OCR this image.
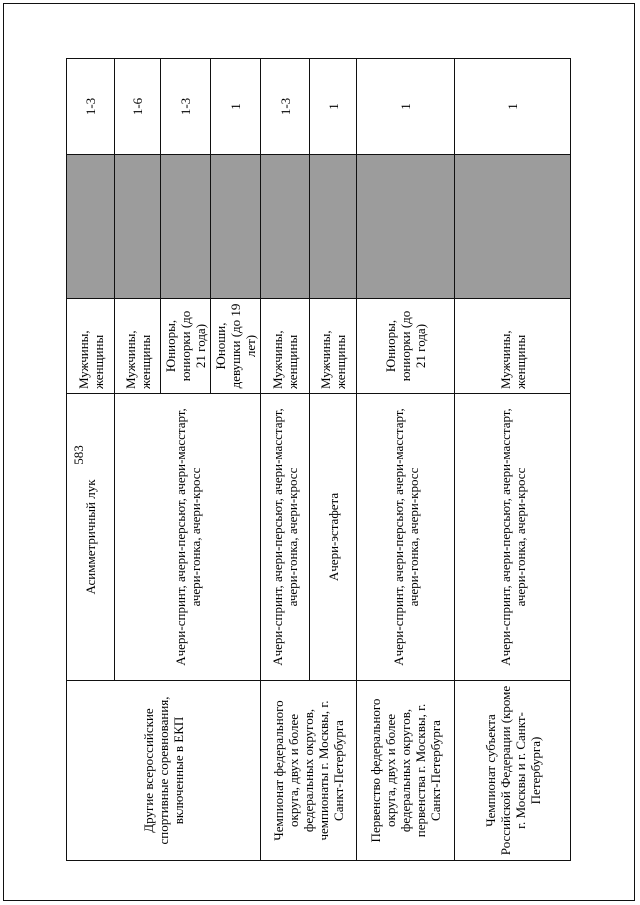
583
Другие всероссийские спортивные соревнования, включенные в ЕКП	Асимметричный лук	Мужчины, женщины		1-3
	Ачери-спринт, ачери-персьют, ачери-масстарт, ачери-гонка, ачери-кросс	Мужчины, женщины		1-6
		Юниоры, юниорки (до 21 года)		1-3
		Юноши, девушки (до 19 лет)		1
Чемпионат федерального округа, двух и более федеральных округов, чемпионаты г. Москвы, г. Санкт-Петербурга	Ачери-спринт, ачери-персьют, ачери-масстарт, ачери-гонка, ачери-кросс	Мужчины, женщины		1-3
	Ачери-эстафета	Мужчины, женщины		1
Первенство федерального округа, двух и более федеральных округов, первенства г. Москвы, г. Санкт-Петербурга	Ачери-спринт, ачери-персьют, ачери-масстарт, ачери-гонка, ачери-кросс	Юниоры, юниорки (до 21 года)		1
Чемпионат субъекта Российской Федерации (кроме г. Москвы и г. Санкт-Петербурга)	Ачери-спринт, ачери-персьют, ачери-масстарт, ачери-гонка, ачери-кросс	Мужчины, женщины		1
